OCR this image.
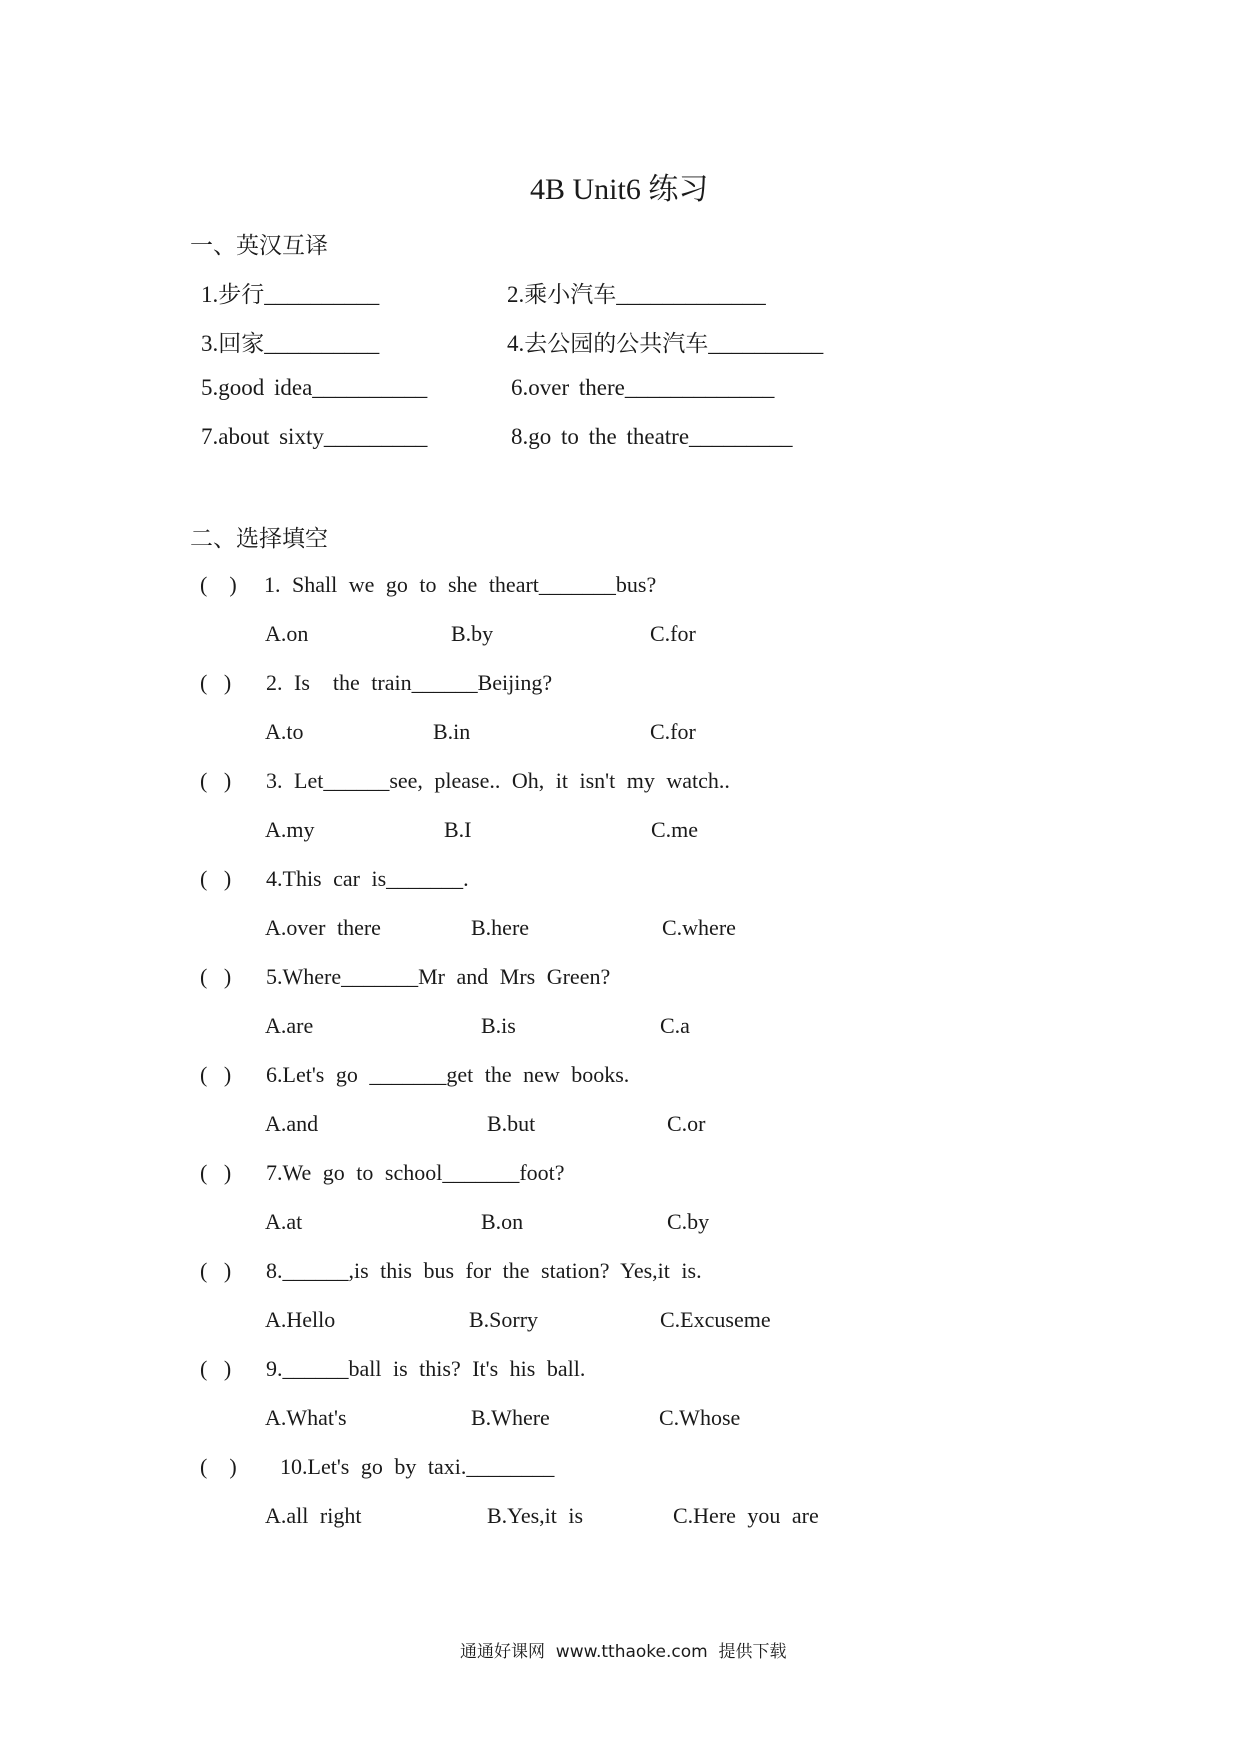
4B Unit6 练习
一、英汉互译
1.步行__________	2.乘小汽车_____________
3.回家__________	4.去公园的公共汽车__________
5.good idea__________	6.over there_____________
7.about sixty_________	8.go to the theatre_________
二、选择填空
(    ) 1. Shall we go to she theart_______bus?
A.on	B.by	C.for
(   ) 2. Is  the train______Beijing?
A.to	B.in	C.for
(   ) 3. Let______see, please.. Oh, it isn't my watch..
A.my	B.I	C.me
(   ) 4.This car is_______.
A.over there	B.here	C.where
(   ) 5.Where_______Mr and Mrs Green?
A.are	B.is	C.a
(   ) 6.Let's go _______get the new books.
A.and	B.but	C.or
(   ) 7.We go to school_______foot?
A.at	B.on	C.by
(   ) 8.______,is this bus for the station? Yes,it is.
A.Hello	B.Sorry	C.Excuseme
(   ) 9.______ball is this? It's his ball.
A.What's	B.Where	C.Whose
(    ) 10.Let's go by taxi.________
A.all right	B.Yes,it is	C.Here you are
通通好课网  www.tthaoke.com  提供下载
